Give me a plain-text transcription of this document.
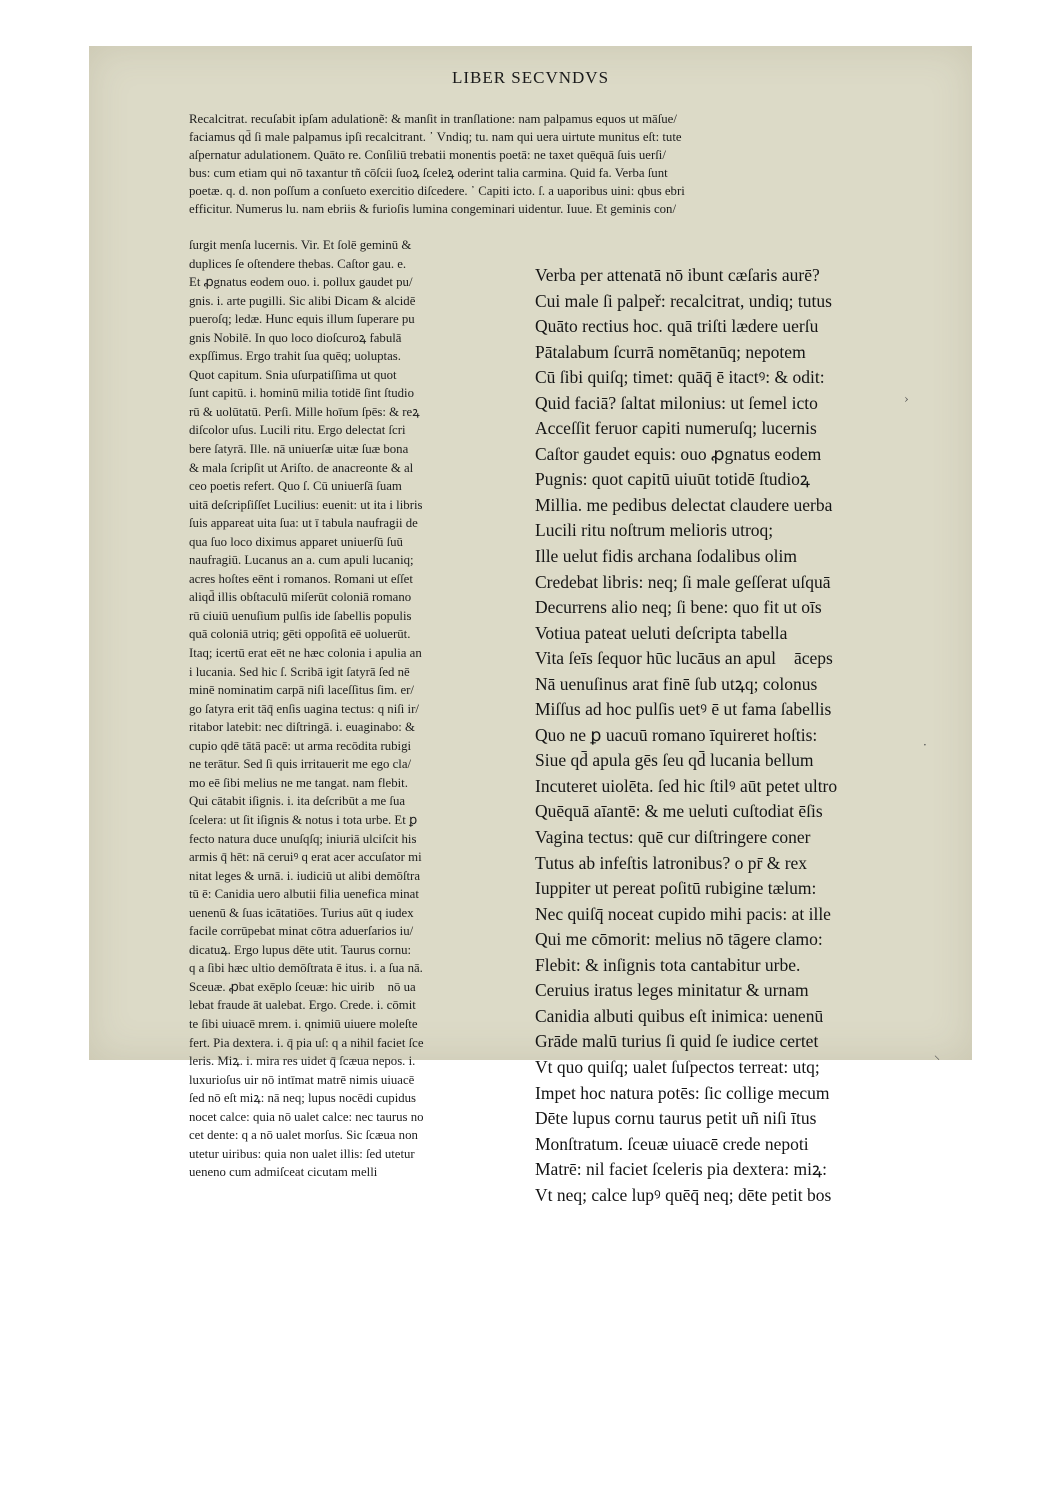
LIBER SECVNDVS
Recalcitrat. recuſabit ipſam adulationẽ: & manſit in tranſlatione: nam palpamus equos ut māſue/
faciamus qd̄ ſi male palpamus ipſi recalcitrant. ᾽ Vndiq; tu. nam qui uera uirtute munitus eſt: tute
aſpernatur adulationem. Quāto re. Conſiliū trebatii monentis poetā: ne taxet quēquā ſuis uerſi/
bus: cum etiam qui nō taxantur tñ cōſcii ſuoꝝ ſceleꝝ oderint talia carmina. Quid fa. Verba ſunt
poetæ. q. d. non poſſum a conſueto exercitio diſcedere. ᾽ Capiti icto. ſ. a uaporibus uini: qbus ebri᷑
efficitur. Numerus lu. nam ebriis & furioſis lumina congeminari uidentur. Iuue. Et geminis con/
ſurgit menſa lucernis. Vir. Et ſolē geminū &
duplices ſe oſtendere thebas. Caſtor gau. e.
Et ꝓgnatus eodem ouo. i. pollux gaudet pu/
gnis. i. arte pugilli. Sic alibi Dicam & alcidē
pueroſq; ledæ. Hunc equis illum ſuperare pu
gnis Nobilē. In quo loco dioſcuroꝝ fabulā
expſſimus. Ergo trahit ſua quēq; uoluptas.
Quot capitum. Snia uſurpatiſſima ut quot
ſunt capitū. i. hominū milia totidē ſint ſtudio
rū & uolūtatū. Perſi. Mille hoīum ſpēs: & reꝝ
diſcolor uſus. Lucili ritu. Ergo delectat ſcri
bere ſatyrā. Ille. nā uniuerſæ uitæ ſuæ bona
& mala ſcripſit ut Ariſto. de anacreonte & al
ceo poetis refert. Quo ſ. Cū uniuerſā ſuam
uitā deſcripſiſſet Lucilius: euenit: ut ita i libris
ſuis appareat uita ſua: ut ī tabula naufragii de
qua ſuo loco diximus apparet uniuerſū ſuū
naufragiū. Lucanus an a. cum apuli lucaniq;
acres hoſtes eēnt i romanos. Romani ut eſſet
aliqd̄ illis obſtaculū miſerūt coloniā romano
rū ciuiū uenuſium pulſis ide ſabellis populis
quā coloniā utriq; gēti oppoſitā eē uoluerūt.
Itaq; icertū erat eēt ne hæc colonia i apulia an
i lucania. Sed hic ſ. Scribā igit ſatyrā ſed nē
minē nominatim carpā niſi laceſſitus ſim. er/
go ſatyra erit tāq̄ enſis uagina tectus: q niſi ir/
ritabor latebit: nec diſtringā. i. euaginabo: &
cupio qdē tātā pacē: ut arma recōdita rubigi
ne terātur. Sed ſi quis irritauerit me ego cla/
mo eē ſibi melius ne me tangat. nam flebit.
Qui cātabit iſignis. i. ita deſcribūt a me ſua
ſcelera: ut ſit iſignis & notus i tota urbe. Et ꝑ
fecto natura duce unuſqſq; iniuriā ulciſcit his
armis q̄ hēt: nā ceruiꝰ q erat acer accuſator mi
nitat leges & urnā. i. iudiciū ut alibi demōſtra
tū ē: Canidia uero albutii filia uenefica minat
uenenū & ſuas icātatiōes. Turius aūt q iudex
facile corrūpebat minat cōtra aduerſarios iu/
dicatuꝝ. Ergo lupus dēte utit. Taurus cornu:
q a ſibi hæc ultio demōſtrata ē itus. i. a ſua nā.
Sceuæ. ꝓbat exēplo ſceuæ: hic uirib᷑ nō ua
lebat fraude āt ualebat. Ergo. Crede. i. cōmit
te ſibi uiuacē mrem. i. qnimiū uiuere moleſte
fert. Pia dextera. i. q̄ pia uſ: q a nihil faciet ſce
leris. Miꝝ. i. mira res uidet q̄ ſcæua nepos. i.
luxurioſus uir nō intīmat matrē nimis uiuacē
ſed nō eſt miꝝ: nā neq; lupus nocēdi cupidus
nocet calce: quia nō ualet calce: nec taurus no
cet dente: q a nō ualet morſus. Sic ſcæua non
utetur uiribus: quia non ualet illis: ſed utetur
ueneno cum admiſceat cicutam melli
Verba per attenatā nō ibunt cæſaris aurē?
Cui male ſi palpeř: recalcitrat, undiq; tutus
Quāto rectius hoc. quā triſti lædere uerſu
Pātalabum ſcurrā nomētanūq; nepotem
Cū ſibi quiſq; timet: quāq̄ ē itactꝰ: & odit:
Quid faciā? ſaltat milonius: ut ſemel icto
Acceſſit feruor capiti numeruſq; lucernis
Caſtor gaudet equis: ouo ꝓgnatus eodem
Pugnis: quot capitū uiuūt totidē ſtudioꝝ
Millia. me pedibus delectat claudere uerba
Lucili ritu noſtrum melioris utroq;
Ille uelut fidis archana ſodalibus olim
Credebat libris: neq; ſi male geſſerat uſquā
Decurrens alio neq; ſi bene: quo fit ut oīs
Votiua pateat ueluti deſcripta tabella
Vita ſeīs ſequor hūc lucāus an apul᷑ āceps
Nā uenuſinus arat finē ſub utꝝq; colonus
Miſſus ad hoc pulſis uetꝰ ē ut fama ſabellis
Quo ne ꝑ uacuū romano īquireret hoſtis:
Siue qd̄ apula gēs ſeu qd̄ lucania bellum
Incuteret uiolēta. ſed hic ſtilꝰ aūt petet ultro
Quēquā aīantē: & me ueluti cuſtodiat ēſis
Vagina tectus: quē cur diſtringere coner
Tutus ab infeſtis latronibus? o pr̄ & rex
Iuppiter ut pereat poſitū rubigine tælum:
Nec quiſq̄ noceat cupido mihi pacis: at ille
Qui me cōmorit: melius nō tāgere clamo:
Flebit: & inſignis tota cantabitur urbe.
Ceruius iratus leges minitatur & urnam
Canidia albuti quibus eſt inimica: uenenū
Grāde malū turius ſi quid ſe iudice certet
Vt quo quiſq; ualet ſuſpectos terreat: utq;
Impet hoc natura potēs: ſic collige mecum
Dēte lupus cornu taurus petit uñ niſi ītus
Monſtratum. ſceuæ uiuacē crede nepoti
Matrē: nil faciet ſceleris pia dextera: miꝝ:
Vt neq; calce lupꝰ quēq̄ neq; dēte petit bos
›
·
⸜
